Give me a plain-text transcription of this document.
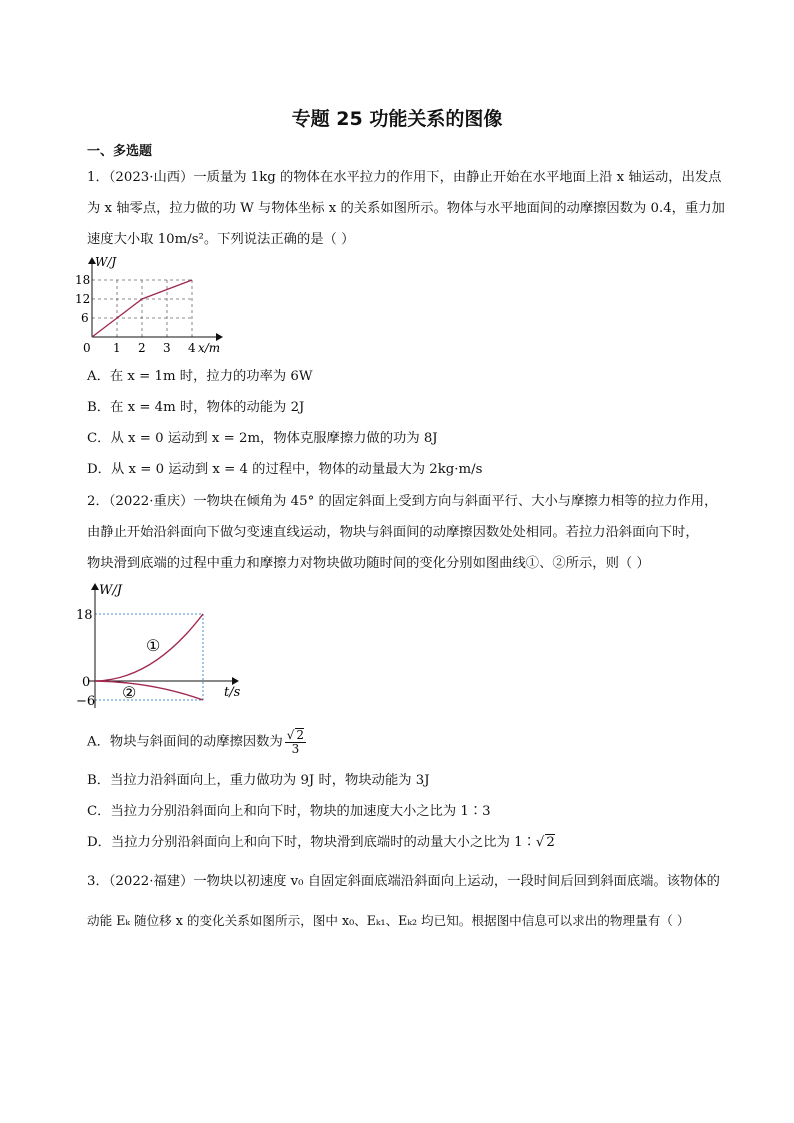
专题 25 功能关系的图像
一、多选题
1．（2023·山西）一质量为 1kg 的物体在水平拉力的作用下，由静止开始在水平地面上沿 x 轴运动，出发点
为 x 轴零点，拉力做的功 W 与物体坐标 x 的关系如图所示。物体与水平地面间的动摩擦因数为 0.4，重力加
速度大小取 10m/s²。下列说法正确的是（ ）
W/J
18
12
6
0 1 2 3 4 x/m
A．在 x = 1m 时，拉力的功率为 6W
B．在 x = 4m 时，物体的动能为 2J
C．从 x = 0 运动到 x = 2m，物体克服摩擦力做的功为 8J
D．从 x = 0 运动到 x = 4 的过程中，物体的动量最大为 2kg·m/s
2．（2022·重庆）一物块在倾角为 45° 的固定斜面上受到方向与斜面平行、大小与摩擦力相等的拉力作用，
由静止开始沿斜面向下做匀变速直线运动，物块与斜面间的动摩擦因数处处相同。若拉力沿斜面向下时，
物块滑到底端的过程中重力和摩擦力对物块做功随时间的变化分别如图曲线①、②所示，则（ ）
W/J
18
0
−6
①
②	t/s
A．物块与斜面间的动摩擦因数为 $\frac{√ 2}{3}$
B．当拉力沿斜面向上，重力做功为 9J 时，物块动能为 3J
C．当拉力分别沿斜面向上和向下时，物块的加速度大小之比为 1∶3
D．当拉力分别沿斜面向上和向下时，物块滑到底端时的动量大小之比为 1∶√ 2
3．（2022·福建）一物块以初速度 v₀ 自固定斜面底端沿斜面向上运动，一段时间后回到斜面底端。该物体的
动能 Eₖ 随位移 x 的变化关系如图所示，图中 x₀、Eₖ₁、Eₖ₂ 均已知。根据图中信息可以求出的物理量有（ ）
